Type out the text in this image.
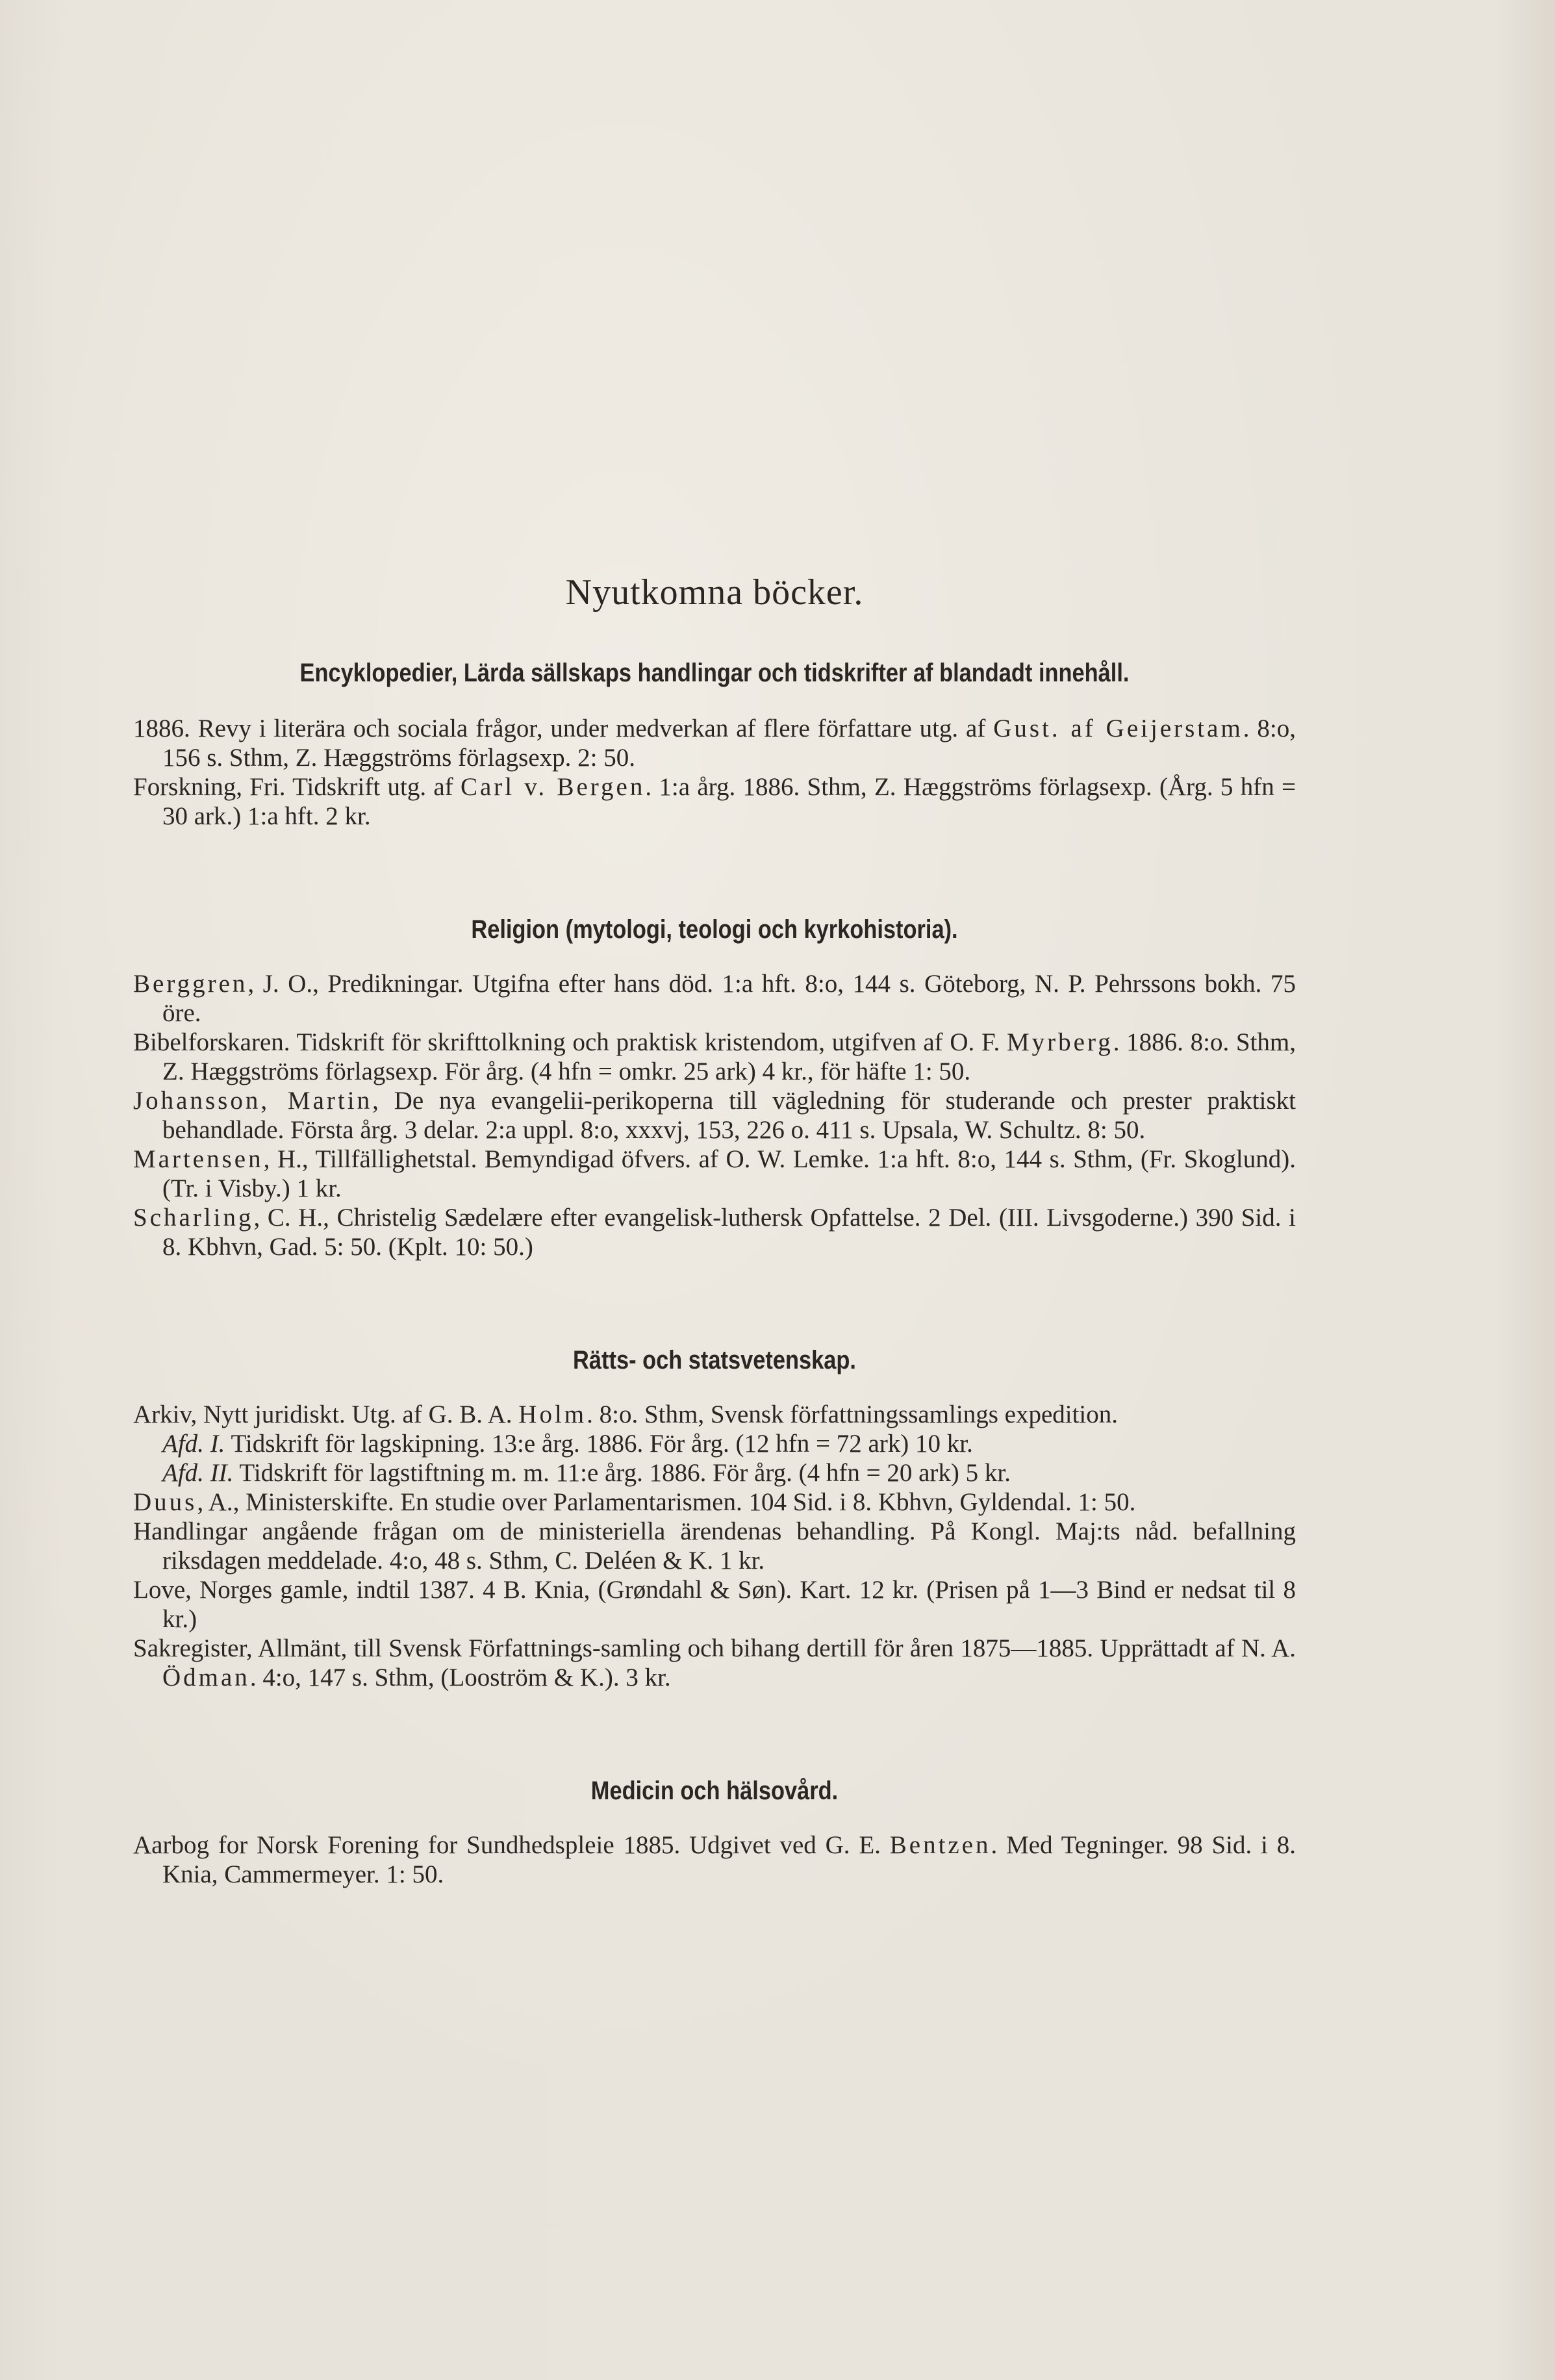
Nyutkomna böcker.
Encyklopedier, Lärda sällskaps handlingar och tidskrifter af blandadt innehåll.
1886. Revy i literära och sociala frågor, under medverkan af flere författare utg. af Gust. af Geijerstam. 8:o, 156 s. Sthm, Z. Hæggströms förlagsexp. 2: 50.
Forskning, Fri. Tidskrift utg. af Carl v. Bergen. 1:a årg. 1886. Sthm, Z. Hæggströms förlagsexp. (Årg. 5 hfn = 30 ark.) 1:a hft. 2 kr.
Religion (mytologi, teologi och kyrkohistoria).
Berggren, J. O., Predikningar. Utgifna efter hans död. 1:a hft. 8:o, 144 s. Göteborg, N. P. Pehrssons bokh. 75 öre.
Bibelforskaren. Tidskrift för skrifttolkning och praktisk kristendom, utgifven af O. F. Myrberg. 1886. 8:o. Sthm, Z. Hæggströms förlagsexp. För årg. (4 hfn = omkr. 25 ark) 4 kr., för häfte 1: 50.
Johansson, Martin, De nya evangelii-perikoperna till vägledning för studerande och prester praktiskt behandlade. Första årg. 3 delar. 2:a uppl. 8:o, xxxvj, 153, 226 o. 411 s. Upsala, W. Schultz. 8: 50.
Martensen, H., Tillfällighetstal. Bemyndigad öfvers. af O. W. Lemke. 1:a hft. 8:o, 144 s. Sthm, (Fr. Skoglund). (Tr. i Visby.) 1 kr.
Scharling, C. H., Christelig Sædelære efter evangelisk-luthersk Opfattelse. 2 Del. (III. Livsgoderne.) 390 Sid. i 8. Kbhvn, Gad. 5: 50. (Kplt. 10: 50.)
Rätts- och statsvetenskap.
Arkiv, Nytt juridiskt. Utg. af G. B. A. Holm. 8:o. Sthm, Svensk författningssamlings expedition.
Afd. I. Tidskrift för lagskipning. 13:e årg. 1886. För årg. (12 hfn = 72 ark) 10 kr.
Afd. II. Tidskrift för lagstiftning m. m. 11:e årg. 1886. För årg. (4 hfn = 20 ark) 5 kr.
Duus, A., Ministerskifte. En studie over Parlamentarismen. 104 Sid. i 8. Kbhvn, Gyldendal. 1: 50.
Handlingar angående frågan om de ministeriella ärendenas behandling. På Kongl. Maj:ts nåd. befallning riksdagen meddelade. 4:o, 48 s. Sthm, C. Deléen & K. 1 kr.
Love, Norges gamle, indtil 1387. 4 B. Knia, (Grøndahl & Søn). Kart. 12 kr. (Prisen på 1—3 Bind er nedsat til 8 kr.)
Sakregister, Allmänt, till Svensk Författnings-samling och bihang dertill för åren 1875—1885. Upprättadt af N. A. Ödman. 4:o, 147 s. Sthm, (Looström & K.). 3 kr.
Medicin och hälsovård.
Aarbog for Norsk Forening for Sundhedspleie 1885. Udgivet ved G. E. Bentzen. Med Tegninger. 98 Sid. i 8. Knia, Cammermeyer. 1: 50.
